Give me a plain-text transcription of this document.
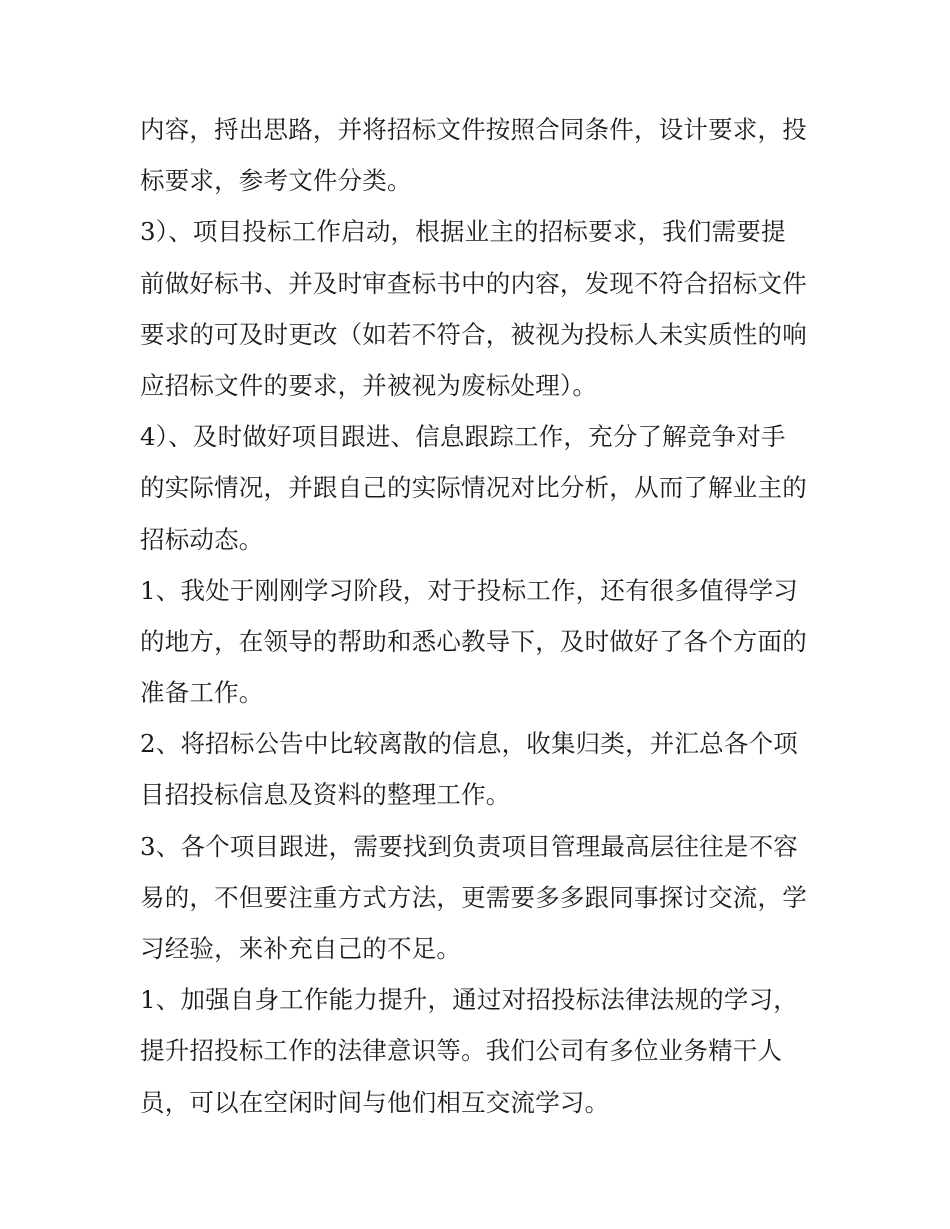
内容，捋出思路，并将招标文件按照合同条件，设计要求，投
标要求，参考文件分类。
3）、项目投标工作启动，根据业主的招标要求，我们需要提
前做好标书、并及时审查标书中的内容，发现不符合招标文件
要求的可及时更改（如若不符合，被视为投标人未实质性的响
应招标文件的要求，并被视为废标处理）。
4）、及时做好项目跟进、信息跟踪工作，充分了解竞争对手
的实际情况，并跟自己的实际情况对比分析，从而了解业主的
招标动态。
1、我处于刚刚学习阶段，对于投标工作，还有很多值得学习
的地方，在领导的帮助和悉心教导下，及时做好了各个方面的
准备工作。
2、将招标公告中比较离散的信息，收集归类，并汇总各个项
目招投标信息及资料的整理工作。
3、各个项目跟进，需要找到负责项目管理最高层往往是不容
易的，不但要注重方式方法，更需要多多跟同事探讨交流，学
习经验，来补充自己的不足。
1、加强自身工作能力提升，通过对招投标法律法规的学习，
提升招投标工作的法律意识等。我们公司有多位业务精干人
员，可以在空闲时间与他们相互交流学习。
